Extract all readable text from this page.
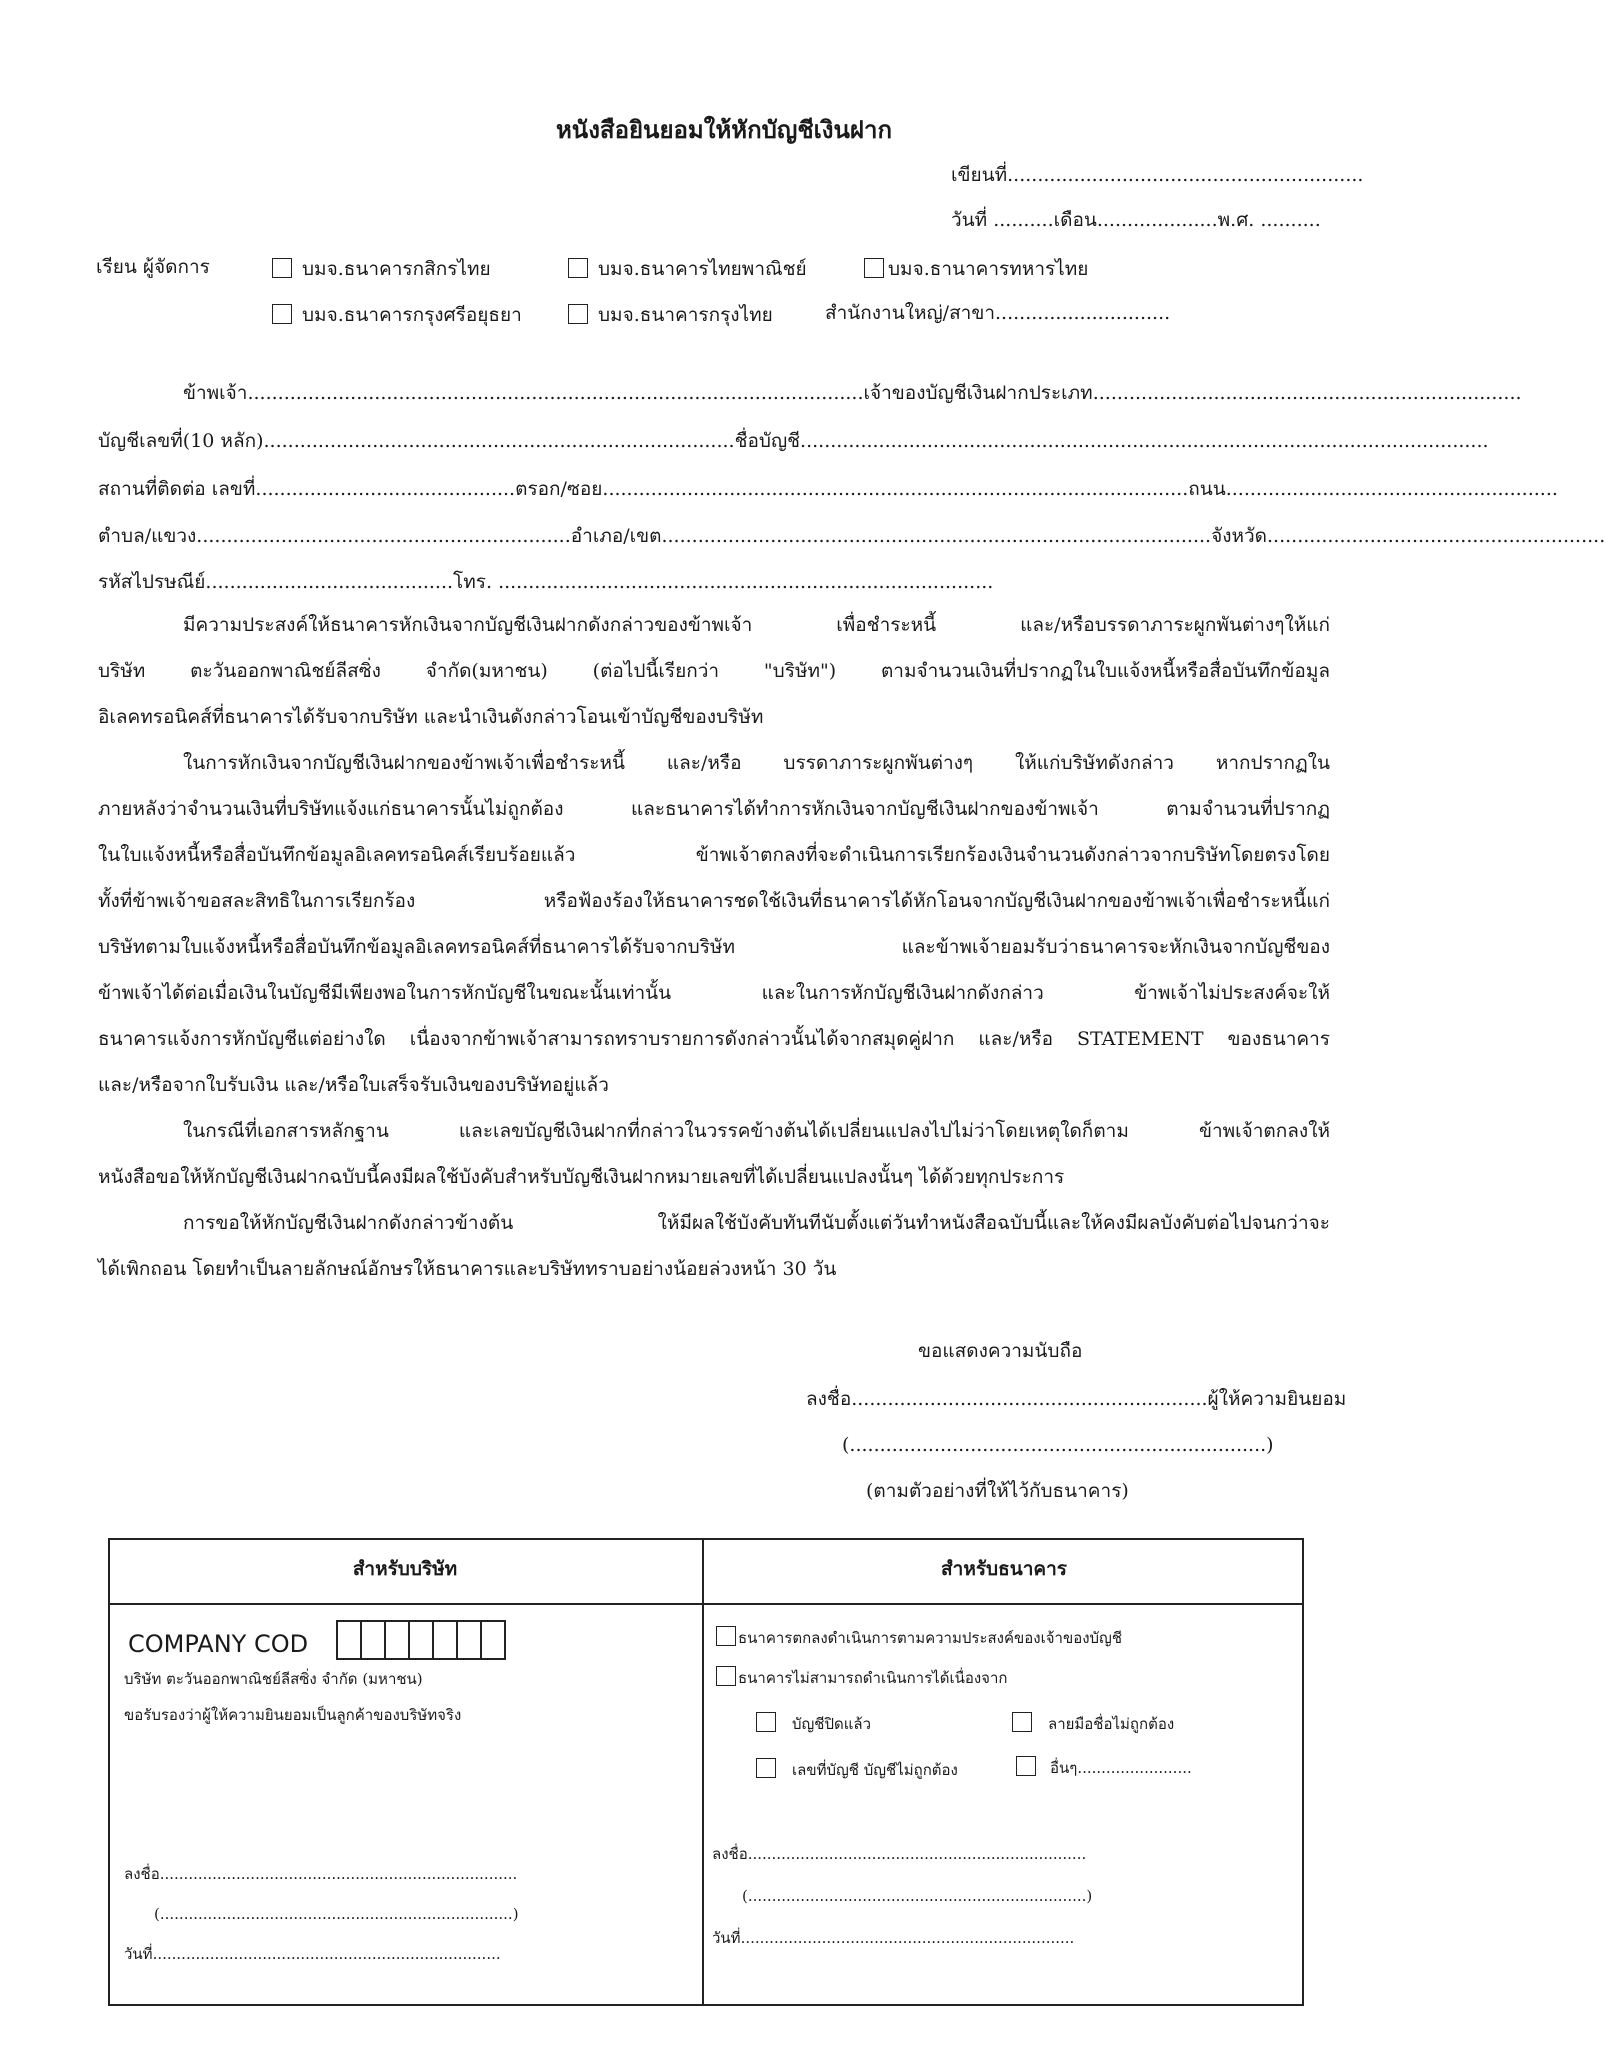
หนังสือยินยอมให้หักบัญชีเงินฝาก
เขียนที่...........................................................
วันที่ ..........เดือน....................พ.ศ. ..........
เรียน ผู้จัดการ	บมจ.ธนาคารกสิกรไทย	บมจ.ธนาคารไทยพาณิชย์	บมจ.ธานาคารทหารไทย
บมจ.ธนาคารกรุงศรีอยุธยา	บมจ.ธนาคารกรุงไทย	สำนักงานใหญ่/สาขา.............................
ข้าพเจ้า......................................................................................................เจ้าของบัญชีเงินฝากประเภท.......................................................................
บัญชีเลขที่(10 หลัก)..............................................................................ชื่อบัญชี..................................................................................................................
สถานที่ติดต่อ เลขที่...........................................ตรอก/ซอย.................................................................................................ถนน.......................................................
ตำบล/แขวง..............................................................อำเภอ/เขต...........................................................................................จังหวัด........................................................
รหัสไปรษณีย์.........................................โทร. ..................................................................................
มีความประสงค์ให้ธนาคารหักเงินจากบัญชีเงินฝากดังกล่าวของข้าพเจ้า เพื่อชำระหนี้ และ/หรือบรรดาภาระผูกพันต่างๆให้แก่
บริษัท ตะวันออกพาณิชย์ลีสซิ่ง จำกัด(มหาชน) (ต่อไปนี้เรียกว่า "บริษัท") ตามจำนวนเงินที่ปรากฏในใบแจ้งหนี้หรือสื่อบันทึกข้อมูล
อิเลคทรอนิคส์ที่ธนาคารได้รับจากบริษัท และนำเงินดังกล่าวโอนเข้าบัญชีของบริษัท
ในการหักเงินจากบัญชีเงินฝากของข้าพเจ้าเพื่อชำระหนี้ และ/หรือ บรรดาภาระผูกพันต่างๆ ให้แก่บริษัทดังกล่าว หากปรากฏใน
ภายหลังว่าจำนวนเงินที่บริษัทแจ้งแก่ธนาคารนั้นไม่ถูกต้อง และธนาคารได้ทำการหักเงินจากบัญชีเงินฝากของข้าพเจ้า ตามจำนวนที่ปรากฏ
ในใบแจ้งหนี้หรือสื่อบันทึกข้อมูลอิเลคทรอนิคส์เรียบร้อยแล้ว ข้าพเจ้าตกลงที่จะดำเนินการเรียกร้องเงินจำนวนดังกล่าวจากบริษัทโดยตรงโดย
ทั้งที่ข้าพเจ้าขอสละสิทธิในการเรียกร้อง หรือฟ้องร้องให้ธนาคารชดใช้เงินที่ธนาคารได้หักโอนจากบัญชีเงินฝากของข้าพเจ้าเพื่อชำระหนี้แก่
บริษัทตามใบแจ้งหนี้หรือสื่อบันทึกข้อมูลอิเลคทรอนิคส์ที่ธนาคารได้รับจากบริษัท และข้าพเจ้ายอมรับว่าธนาคารจะหักเงินจากบัญชีของ
ข้าพเจ้าได้ต่อเมื่อเงินในบัญชีมีเพียงพอในการหักบัญชีในขณะนั้นเท่านั้น และในการหักบัญชีเงินฝากดังกล่าว ข้าพเจ้าไม่ประสงค์จะให้
ธนาคารแจ้งการหักบัญชีแต่อย่างใด เนื่องจากข้าพเจ้าสามารถทราบรายการดังกล่าวนั้นได้จากสมุดคู่ฝาก และ/หรือ STATEMENT ของธนาคาร
และ/หรือจากใบรับเงิน และ/หรือใบเสร็จรับเงินของบริษัทอยู่แล้ว
ในกรณีที่เอกสารหลักฐาน และเลขบัญชีเงินฝากที่กล่าวในวรรคข้างต้นได้เปลี่ยนแปลงไปไม่ว่าโดยเหตุใดก็ตาม ข้าพเจ้าตกลงให้
หนังสือขอให้หักบัญชีเงินฝากฉบับนี้คงมีผลใช้บังคับสำหรับบัญชีเงินฝากหมายเลขที่ได้เปลี่ยนแปลงนั้นๆ ได้ด้วยทุกประการ
การขอให้หักบัญชีเงินฝากดังกล่าวข้างต้น ให้มีผลใช้บังคับทันทีนับตั้งแต่วันทำหนังสือฉบับนี้และให้คงมีผลบังคับต่อไปจนกว่าจะ
ได้เพิกถอน โดยทำเป็นลายลักษณ์อักษรให้ธนาคารและบริษัททราบอย่างน้อยล่วงหน้า 30 วัน
ขอแสดงความนับถือ
ลงชื่อ...........................................................ผู้ให้ความยินยอม
(.....................................................................)
(ตามตัวอย่างที่ให้ไว้กับธนาคาร)
สำหรับบริษัท
COMPANY COD
บริษัท ตะวันออกพาณิชย์ลีสซิ่ง จำกัด (มหาชน)
ขอรับรองว่าผู้ให้ความยินยอมเป็นลูกค้าของบริษัทจริง
ลงชื่อ...........................................................................
(..........................................................................)
วันที่.........................................................................
สำหรับธนาคาร
ธนาคารตกลงดำเนินการตามความประสงค์ของเจ้าของบัญชี
ธนาคารไม่สามารถดำเนินการได้เนื่องจาก
บัญชีปิดแล้ว	ลายมือชื่อไม่ถูกต้อง
เลขที่บัญชี บัญชีไม่ถูกต้อง	อื่นๆ........................
ลงชื่อ.......................................................................
(.......................................................................)
วันที่......................................................................
